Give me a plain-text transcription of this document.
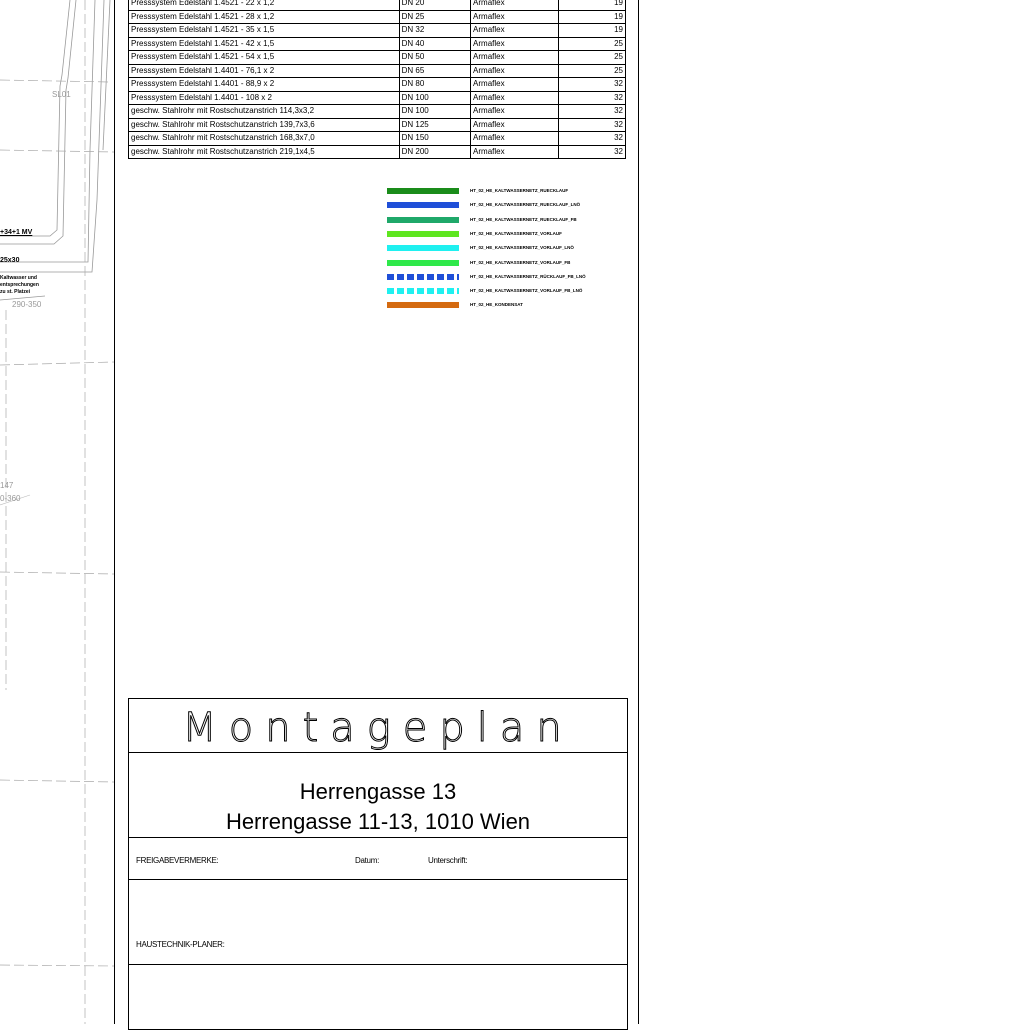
SL01
+34+1 MV
25x30
Kaltwasser und
entsprechungen
zu st. Platzei
290-350
147
0-360
Presssystem Edelstahl 1.4521 - 22 x 1,2	DN 20	Armaflex	19
Presssystem Edelstahl 1.4521 - 28 x 1,2	DN 25	Armaflex	19
Presssystem Edelstahl 1.4521 - 35 x 1,5	DN 32	Armaflex	19
Presssystem Edelstahl 1.4521 - 42 x 1,5	DN 40	Armaflex	25
Presssystem Edelstahl 1.4521 - 54 x 1,5	DN 50	Armaflex	25
Presssystem Edelstahl 1.4401 - 76,1 x 2	DN 65	Armaflex	25
Presssystem Edelstahl 1.4401 - 88,9 x 2	DN 80	Armaflex	32
Presssystem Edelstahl 1.4401 - 108 x 2	DN 100	Armaflex	32
geschw. Stahlrohr mit Rostschutzanstrich 114,3x3,2	DN 100	Armaflex	32
geschw. Stahlrohr mit Rostschutzanstrich 139,7x3,6	DN 125	Armaflex	32
geschw. Stahlrohr mit Rostschutzanstrich 168,3x7,0	DN 150	Armaflex	32
geschw. Stahlrohr mit Rostschutzanstrich 219,1x4,5	DN 200	Armaflex	32
HT_02_HE_KALTWASSERNETZ_RUECKLAUF
HT_02_HE_KALTWASSERNETZ_RUECKLAUF_LNÖ
HT_02_HE_KALTWASSERNETZ_RUECKLAUF_FB
HT_02_HE_KALTWASSERNETZ_VORLAUF
HT_02_HE_KALTWASSERNETZ_VORLAUF_LNÖ
HT_02_HE_KALTWASSERNETZ_VORLAUF_FB
HT_02_HE_KALTWASSERNETZ_RÜCKLAUF_FB_LNÖ
HT_02_HE_KALTWASSERNETZ_VORLAUF_FB_LNÖ
HT_02_HE_KONDENSAT
Montageplan
Herrengasse 13
Herrengasse 11-13, 1010 Wien
FREIGABEVERMERKE:	Datum:	Unterschrift:
HAUSTECHNIK-PLANER:
